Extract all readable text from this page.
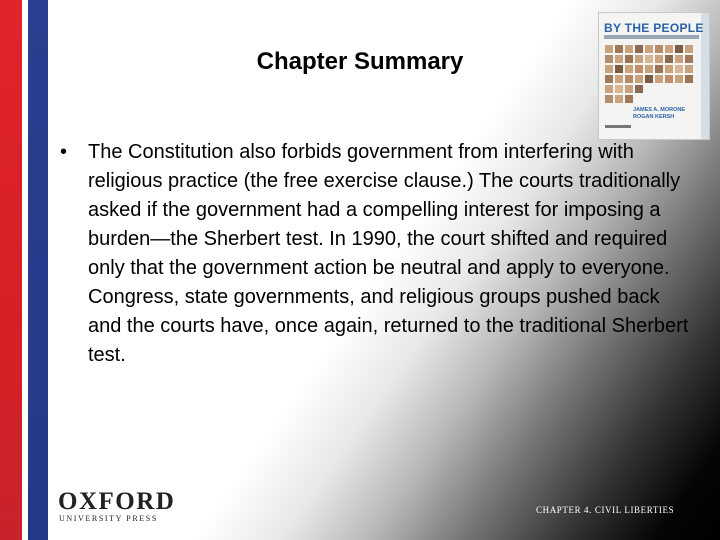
Chapter Summary
BY THE PEOPLE
JAMES A. MORONE
ROGAN KERSH
•	The Constitution also forbids government from interfering with religious practice (the free exercise clause.) The courts traditionally asked if the government had a compelling interest for imposing a burden—the Sherbert test. In 1990, the court shifted and required only that the government action be neutral and apply to everyone. Congress, state governments, and religious groups pushed back and the courts have, once again, returned to the traditional Sherbert test.
OXFORD
UNIVERSITY PRESS
CHAPTER 4. CIVIL LIBERTIES
